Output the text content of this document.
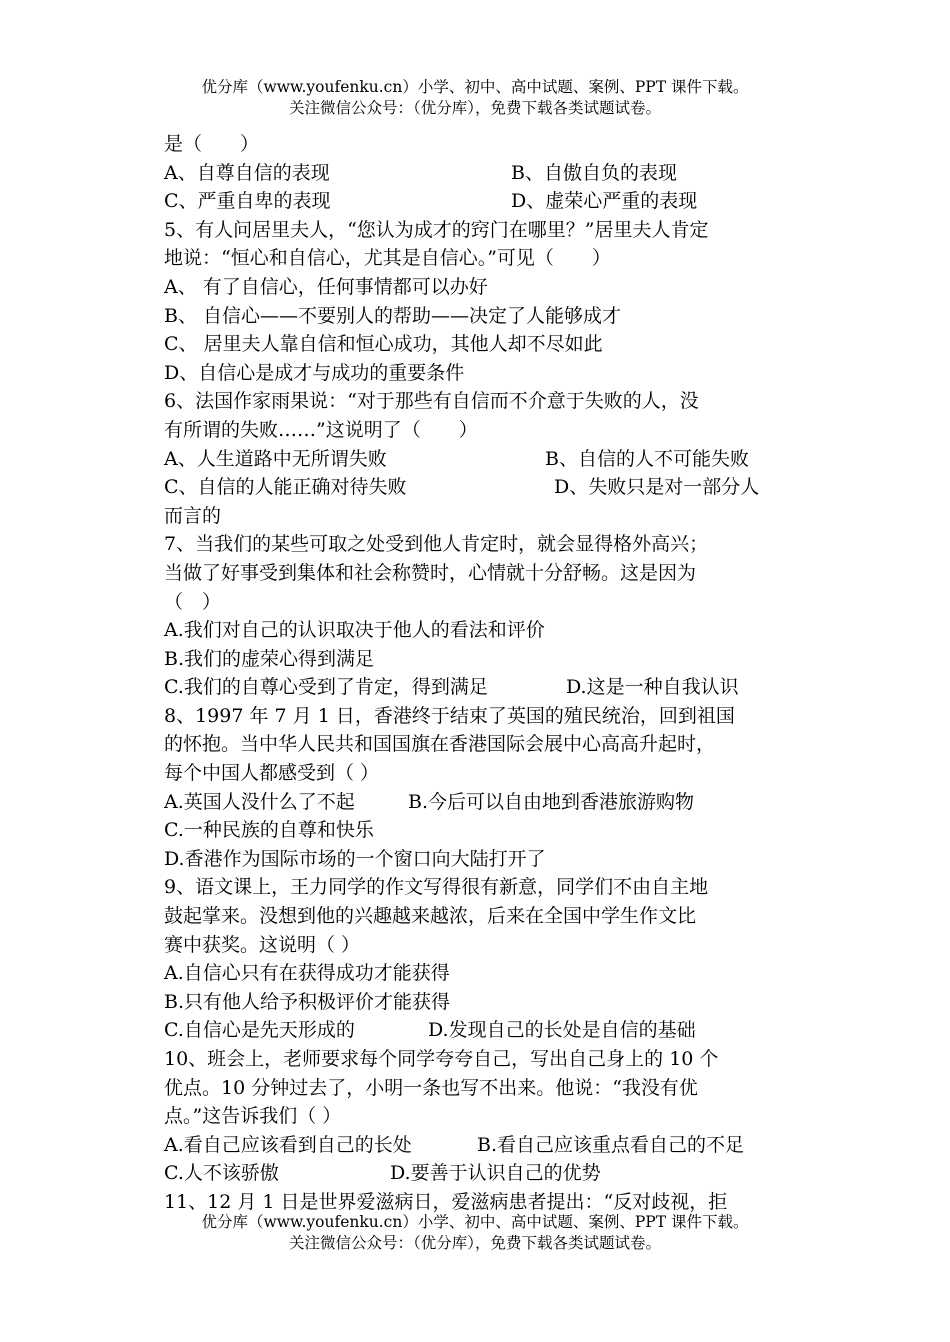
优分库（www.youfenku.cn）小学、初中、高中试题、案例、PPT 课件下载。
关注微信公众号：（优分库），免费下载各类试题试卷。
是（　　）
A、自尊自信的表现	B、自傲自负的表现
C、严重自卑的表现	D、虚荣心严重的表现
5、有人问居里夫人，“您认为成才的窍门在哪里？”居里夫人肯定
地说：“恒心和自信心，尤其是自信心。”可见（　　）
A、 有了自信心，任何事情都可以办好
B、 自信心——不要别人的帮助——决定了人能够成才
C、 居里夫人靠自信和恒心成功，其他人却不尽如此
D、自信心是成才与成功的重要条件
6、法国作家雨果说：“对于那些有自信而不介意于失败的人，没
有所谓的失败……”这说明了（　　）
A、人生道路中无所谓失败	B、自信的人不可能失败
C、自信的人能正确对待失败	D、失败只是对一部分人
而言的
7、当我们的某些可取之处受到他人肯定时，就会显得格外高兴；
当做了好事受到集体和社会称赞时，心情就十分舒畅。这是因为
（　）
A.我们对自己的认识取决于他人的看法和评价
B.我们的虚荣心得到满足
C.我们的自尊心受到了肯定，得到满足	D.这是一种自我认识
8、1997 年 7 月 1 日，香港终于结束了英国的殖民统治，回到祖国
的怀抱。当中华人民共和国国旗在香港国际会展中心高高升起时，
每个中国人都感受到（ ）
A.英国人没什么了不起	B.今后可以自由地到香港旅游购物
C.一种民族的自尊和快乐
D.香港作为国际市场的一个窗口向大陆打开了
9、语文课上，王力同学的作文写得很有新意，同学们不由自主地
鼓起掌来。没想到他的兴趣越来越浓，后来在全国中学生作文比
赛中获奖。这说明（ ）
A.自信心只有在获得成功才能获得
B.只有他人给予积极评价才能获得
C.自信心是先天形成的	D.发现自己的长处是自信的基础
10、班会上，老师要求每个同学夸夸自己，写出自己身上的 10 个
优点。10 分钟过去了，小明一条也写不出来。他说：“我没有优
点。”这告诉我们（ ）
A.看自己应该看到自己的长处	B.看自己应该重点看自己的不足
C.人不该骄傲	D.要善于认识自己的优势
11、12 月 1 日是世界爱滋病日，爱滋病患者提出：“反对歧视，拒
优分库（www.youfenku.cn）小学、初中、高中试题、案例、PPT 课件下载。
关注微信公众号：（优分库），免费下载各类试题试卷。
